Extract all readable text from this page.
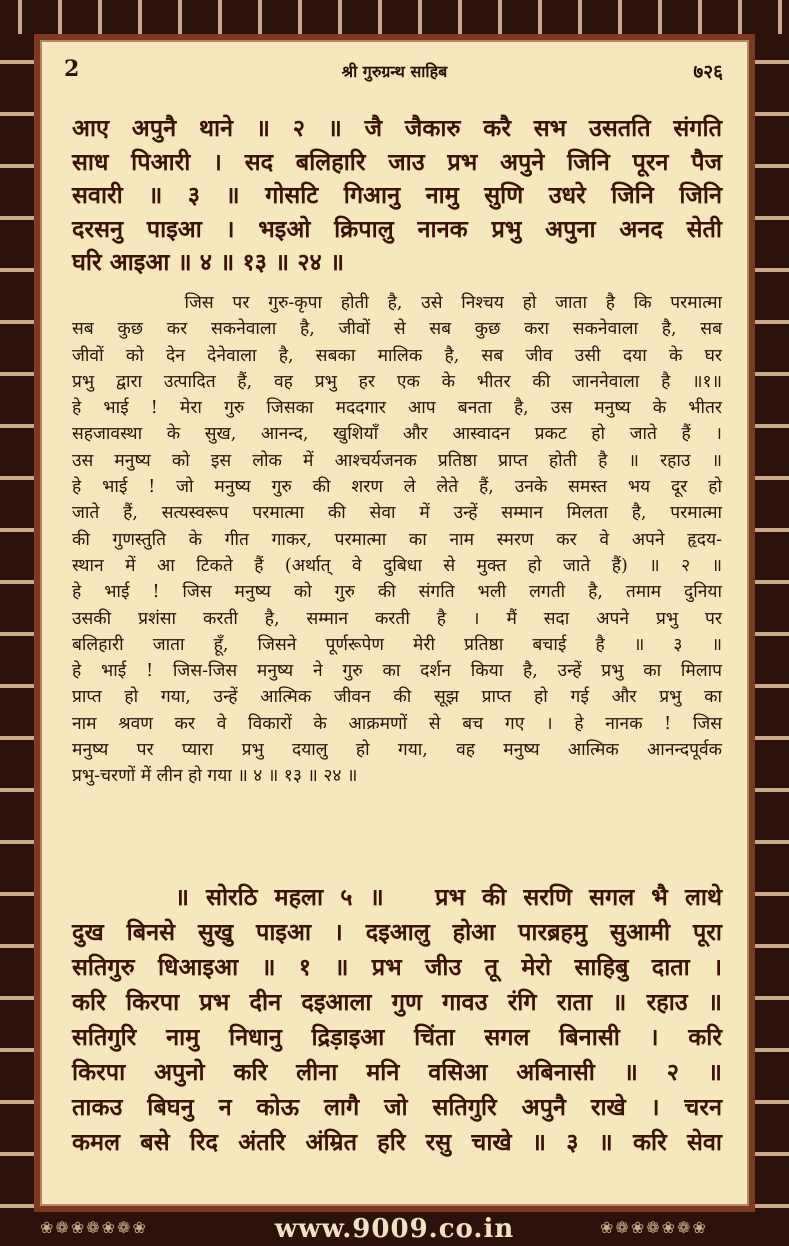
2	श्री गुरुग्रन्थ साहिब	७२६
आए अपुनै थाने ॥ २ ॥ जै जैकारु करै सभ उसतति संगति
साध पिआरी । सद बलिहारि जाउ प्रभ अपुने जिनि पूरन पैज
सवारी ॥ ३ ॥ गोसटि गिआनु नामु सुणि उधरे जिनि जिनि
दरसनु पाइआ । भइओ क्रिपालु नानक प्रभु अपुना अनद सेती
घरि आइआ ॥ ४ ॥ १३ ॥ २४ ॥
जिस पर गुरु-कृपा होती है, उसे निश्चय हो जाता है कि परमात्मा
सब कुछ कर सकनेवाला है, जीवों से सब कुछ करा सकनेवाला है, सब
जीवों को देन देनेवाला है, सबका मालिक है, सब जीव उसी दया के घर
प्रभु द्वारा उत्पादित हैं, वह प्रभु हर एक के भीतर की जाननेवाला है ॥१॥
हे भाई ! मेरा गुरु जिसका मददगार आप बनता है, उस मनुष्य के भीतर
सहजावस्था के सुख, आनन्द, खुशियाँ और आस्वादन प्रकट हो जाते हैं ।
उस मनुष्य को इस लोक में आश्चर्यजनक प्रतिष्ठा प्राप्त होती है ॥ रहाउ ॥
हे भाई ! जो मनुष्य गुरु की शरण ले लेते हैं, उनके समस्त भय दूर हो
जाते हैं, सत्यस्वरूप परमात्मा की सेवा में उन्हें सम्मान मिलता है, परमात्मा
की गुणस्तुति के गीत गाकर, परमात्मा का नाम स्मरण कर वे अपने हृदय-
स्थान में आ टिकते हैं (अर्थात् वे दुबिधा से मुक्त हो जाते हैं) ॥ २ ॥
हे भाई ! जिस मनुष्य को गुरु की संगति भली लगती है, तमाम दुनिया
उसकी प्रशंसा करती है, सम्मान करती है । मैं सदा अपने प्रभु पर
बलिहारी जाता हूँ, जिसने पूर्णरूपेण मेरी प्रतिष्ठा बचाई है ॥ ३ ॥
हे भाई ! जिस-जिस मनुष्य ने गुरु का दर्शन किया है, उन्हें प्रभु का मिलाप
प्राप्त हो गया, उन्हें आत्मिक जीवन की सूझ प्राप्त हो गई और प्रभु का
नाम श्रवण कर वे विकारों के आक्रमणों से बच गए । हे नानक ! जिस
मनुष्य पर प्यारा प्रभु दयालु हो गया, वह मनुष्य आत्मिक आनन्दपूर्वक
प्रभु-चरणों में लीन हो गया ॥ ४ ॥ १३ ॥ २४ ॥
॥ सोरठि महला ५ ॥   प्रभ की सरणि सगल भै लाथे
दुख बिनसे सुखु पाइआ । दइआलु होआ पारब्रहमु सुआमी पूरा
सतिगुरु धिआइआ ॥ १ ॥ प्रभ जीउ तू मेरो साहिबु दाता ।
करि किरपा प्रभ दीन दइआला गुण गावउ रंगि राता ॥ रहाउ ॥
सतिगुरि नामु निधानु द्रिड़ाइआ चिंता सगल बिनासी । करि
किरपा अपुनो करि लीना मनि वसिआ अबिनासी ॥ २ ॥
ताकउ बिघनु न कोऊ लागै जो सतिगुरि अपुनै राखे । चरन
कमल बसे रिद अंतरि अंम्रित हरि रसु चाखे ॥ ३ ॥ करि सेवा
❀❁❀❁❀❁❀	www.9009.co.in	❀❁❀❁❀❁❀
